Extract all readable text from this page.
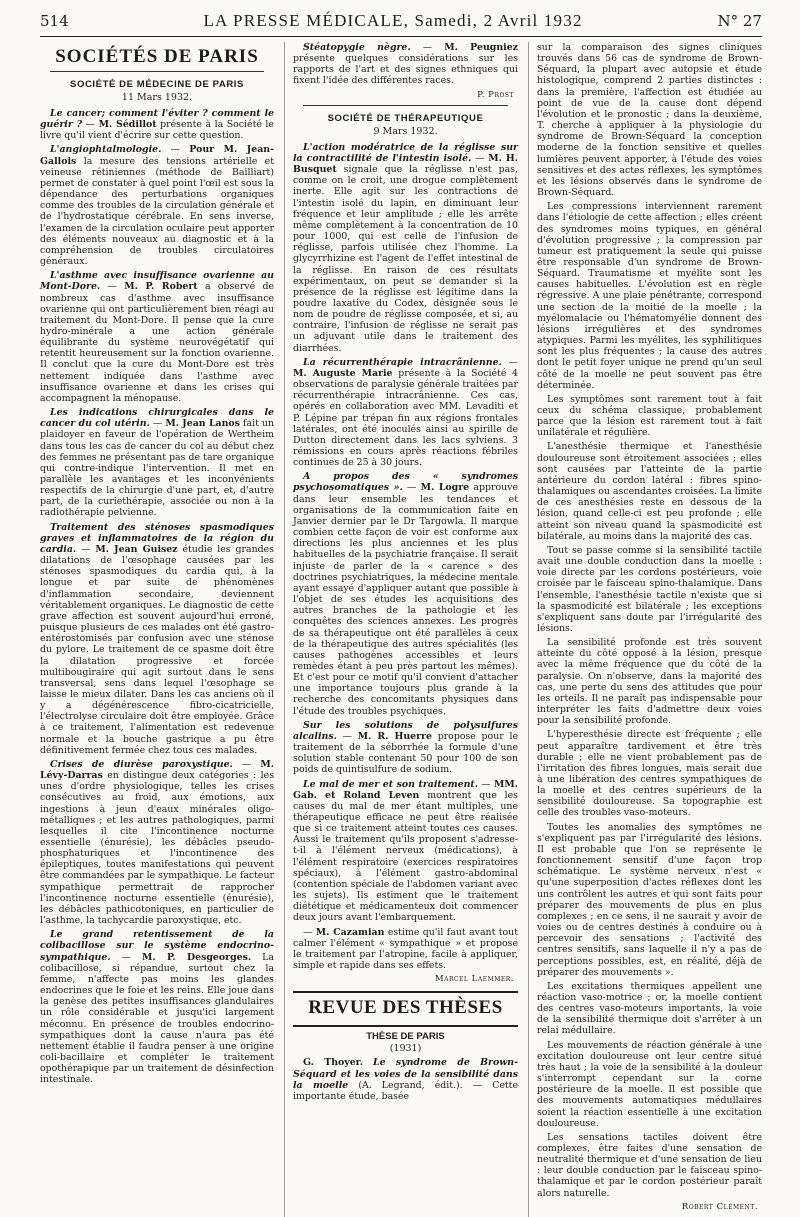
514	LA PRESSE MÉDICALE, Samedi, 2 Avril 1932	N° 27
SOCIÉTÉS DE PARIS
SOCIÉTÉ DE MÉDECINE DE PARIS
11 Mars 1932.

Le cancer; comment l'éviter ? comment le guérir ? — M. Sédillot présente à la Société le livre qu'il vient d'écrire sur cette question.

L'angiophtalmologie. — Pour M. Jean-Gallois la mesure des tensions artérielle et veineuse rétiniennes (méthode de Bailliart) permet de constater à quel point l'œil est sous la dépendance des perturbations organiques comme des troubles de la circulation générale et de l'hydrostatique cérébrale. En sens inverse, l'examen de la circulation oculaire peut apporter des éléments nouveaux au diagnostic et à la compréhension de troubles circulatoires généraux.

L'asthme avec insuffisance ovarienne au Mont-Dore. — M. P. Robert a observé de nombreux cas d'asthme avec insuffisance ovarienne qui ont particulièrement bien réagi au traitement du Mont-Dore. Il pense que la cure hydro-minérale a une action générale équilibrante du système neurovégétatif qui retentit heureusement sur la fonction ovarienne. Il conclut que la cure du Mont-Dore est très nettement indiquée dans l'asthme avec insuffisance ovarienne et dans les crises qui accompagnent la ménopause.

Les indications chirurgicales dans le cancer du col utérin. — M. Jean Lanos fait un plaidoyer en faveur de l'opération de Wertheim dans tous les cas de cancer du col au début chez des femmes ne présentant pas de tare organique qui contre-indique l'intervention. Il met en parallèle les avantages et les inconvénients respectifs de la chirurgie d'une part, et, d'autre part, de la curiethérapie, associée ou non à la radiothérapie pelvienne.

Traitement des sténoses spasmodiques graves et inflammatoires de la région du cardia. — M. Jean Guisez étudie les grandes dilatations de l'œsophage causées par les sténoses spasmodiques du cardia qui, à la longue et par suite de phénomènes d'inflammation secondaire, deviennent véritablement organiques. Le diagnostic de cette grave affection est souvent aujourd'hui erroné, puisque plusieurs de ces malades ont été gastro-entérostomisés par confusion avec une sténose du pylore. Le traitement de ce spasme doit être la dilatation progressive et forcée multibougiraire qui agit surtout dans le sens transversal, sens dans lequel l'œsophage se laisse le mieux dilater. Dans les cas anciens où il y a dégénérescence fibro-cicatricielle, l'électrolyse circulaire doit être employée. Grâce à ce traitement, l'alimentation est redevenue normale et la bouche gastrique a pu être définitivement fermée chez tous ces malades.

Crises de diurèse paroxystique. — M. Lévy-Darras en distingue deux catégories : les unes d'ordre physiologique, telles les crises consécutives au froid, aux émotions, aux ingestions à jeun d'eaux minérales oligo-métalliques ; et les autres pathologiques, parmi lesquelles il cite l'incontinence nocturne essentielle (énurésie), les débâcles pseudo-phosphaturiques et l'incontinence des épileptiques, toutes manifestations qui peuvent être commandées par le sympathique. Le facteur sympathique permettrait de rapprocher l'incontinence nocturne essentielle (énurésie), les débâcles pathicotoniques, en particulier de l'asthme, la tachycardie paroxystique, etc.

Le grand retentissement de la colibacillose sur le système endocrino-sympathique. — M. P. Desgeorges. La colibacillose, si répandue, surtout chez la femme, n'affecte pas moins les glandes endocrines que le foie et les reins. Elle joue dans la genèse des petites insuffisances glandulaires un rôle considérable et jusqu'ici largement méconnu. En présence de troubles endocrino-sympathiques dont la cause n'aura pas été nettement établie il faudra penser à une origine coli-bacillaire et compléter le traitement opothérapique par un traitement de désinfection intestinale.

Stéatopygie nègre. — M. Peugniez présente quelques considérations sur les rapports de l'art et des signes ethniques qui fixent l'idée des différentes races.

P. Prost

SOCIÉTÉ DE THÉRAPEUTIQUE
9 Mars 1932.

L'action modératrice de la réglisse sur la contractilité de l'intestin isolé. — M. H. Busquet signale que la réglisse n'est pas, comme on le croit, une drogue complètement inerte. Elle agit sur les contractions de l'intestin isolé du lapin, en diminuant leur fréquence et leur amplitude ; elle les arrête même complètement à la concentration de 10 pour 1000, qui est celle de l'infusion de réglisse, parfois utilisée chez l'homme. La glycyrrhizine est l'agent de l'effet intestinal de la réglisse. En raison de ces résultats expérimentaux, on peut se demander si la présence de la réglisse est légitime dans la poudre laxative du Codex, désignée sous le nom de poudre de réglisse composée, et si, au contraire, l'infusion de réglisse ne serait pas un adjuvant utile dans le traitement des diarrhées.

La récurrenthérapie intracrânienne. — M. Auguste Marie présente à la Société 4 observations de paralysie générale traitées par récurrenthérapie intracrânienne. Ces cas, opérés en collaboration avec MM. Levaditi et P. Lépine par trépan fin aux régions frontales latérales, ont été inoculés ainsi au spirille de Dutton directement dans les lacs sylviens. 3 rémissions en cours après réactions fébriles continues de 25 à 30 jours.

A propos des « syndromes psychosomatiques ». — M. Logre approuve dans leur ensemble les tendances et organisations de la communication faite en Janvier dernier par le Dr Targowla. Il marque combien cette façon de voir est conforme aux directions les plus anciennes et les plus habituelles de la psychiatrie française. Il serait injuste de parler de la « carence » des doctrines psychiatriques, la médecine mentale ayant essayé d'appliquer autant que possible à l'objet de ses études les acquisitions des autres branches de la pathologie et les conquêtes des sciences annexes. Les progrès de sa thérapeutique ont été parallèles à ceux de la thérapeutique des autres spécialités (les causes pathogènes accessibles et leurs remèdes étant à peu près partout les mêmes). Et c'est pour ce motif qu'il convient d'attacher une importance toujours plus grande à la recherche des concomitants physiques dans l'étude des troubles psychiques.

Sur les solutions de polysulfures alcalins. — M. R. Huerre propose pour le traitement de la séborrhée la formule d'une solution stable contenant 50 pour 100 de son poids de quintisulfure de sodium.

Le mal de mer et son traitement. — MM. Gab. et Roland Leven montrent que les causes du mal de mer étant multiples, une thérapeutique efficace ne peut être réalisée que si ce traitement atteint toutes ces causes. Aussi le traitement qu'ils proposent s'adresse-t-il à l'élément nerveux (médications), à l'élément respiratoire (exercices respiratoires spéciaux), à l'élément gastro-abdominal (contention spéciale de l'abdomen variant avec les sujets). Ils estiment que le traitement diététique et médicamenteux doit commencer deux jours avant l'embarquement.

— M. Cazamian estime qu'il faut avant tout calmer l'élément « sympathique » et propose le traitement par l'atropine, facile à appliquer, simple et rapide dans ses effets.

Marcel Laemmer.

REVUE DES THÈSES
THÈSE DE PARIS
(1931)

G. Thoyer. Le syndrome de Brown-Séquard et les voies de la sensibilité dans la moelle (A. Legrand, édit.). — Cette importante étude, basée

sur la comparaison des signes cliniques trouvés dans 56 cas de syndrome de Brown-Séquard, la plupart avec autopsie et étude histologique, comprend 2 parties distinctes : dans la première, l'affection est étudiée au point de vue de la cause dont dépend l'évolution et le pronostic ; dans la deuxième, T. cherche à appliquer à la physiologie du syndrome de Brown-Séquard la conception moderne de la fonction sensitive et quelles lumières peuvent apporter, à l'étude des voies sensitives et des actes réflexes, les symptômes et les lésions observés dans le syndrome de Brown-Séquard.

Les compressions interviennent rarement dans l'étiologie de cette affection ; elles créent des syndromes moins typiques, en général d'évolution progressive ; la compression par tumeur est pratiquement la seule qui puisse être responsable d'un syndrome de Brown-Séquard. Traumatisme et myélite sont les causes habituelles. L'évolution est en règle régressive. A une plaie pénétrante, correspond une section de la moitié de la moelle ; la myélomalacie ou l'hématomyélie donnent des lésions irrégulières et des syndromes atypiques. Parmi les myélites, les syphilitiques sont les plus fréquentes ; la cause des autres dont le petit foyer unique ne prend qu'un seul côté de la moelle ne peut souvent pas être déterminée.

Les symptômes sont rarement tout à fait ceux du schéma classique, probablement parce que la lésion est rarement tout à fait unilatérale et régulière.

L'anesthésie thermique et l'anesthésie douloureuse sont étroitement associées ; elles sont causées par l'atteinte de la partie antérieure du cordon latéral : fibres spino-thalamiques ou ascendantes croisées. La limite de ces anesthésies reste en dessous de la lésion, quand celle-ci est peu profonde ; elle atteint son niveau quand la spasmodicité est bilatérale, au moins dans la majorité des cas.

Tout se passe comme si la sensibilité tactile avait une double conduction dans la moelle : voie directe par les cordons postérieurs, voie croisée par le faisceau spino-thalamique. Dans l'ensemble, l'anesthésie tactile n'existe que si la spasmodicité est bilatérale ; les exceptions s'expliquent sans doute par l'irrégularité des lésions.

La sensibilité profonde est très souvent atteinte du côté opposé à la lésion, presque avec la même fréquence que du côté de la paralysie. On n'observe, dans la majorité des cas, une perte du sens des attitudes que pour les orteils. Il ne paraît pas indispensable pour interpréter les faits d'admettre deux voies pour la sensibilité profonde.

L'hyperesthésie directe est fréquente ; elle peut apparaître tardivement et être très durable ; elle ne vient probablement pas de l'irritation des fibres longues, mais serait due à une libération des centres sympathiques de la moelle et des centres supérieurs de la sensibilité douloureuse. Sa topographie est celle des troubles vaso-moteurs.

Toutes les anomalies des symptômes ne s'expliquent pas par l'irrégularité des lésions. Il est probable que l'on se représente le fonctionnement sensitif d'une façon trop schématique. Le système nerveux n'est « qu'une superposition d'actes réflexes dont les uns contrôlent les autres et qui sont faits pour préparer des mouvements de plus en plus complexes ; en ce sens, il ne saurait y avoir de voies ou de centres destinés à conduire ou à percevoir des sensations ; l'activité des centres sensitifs, sans laquelle il n'y a pas de perceptions possibles, est, en réalité, déjà de préparer des mouvements ».

Les excitations thermiques appellent une réaction vaso-motrice ; or, la moelle contient des centres vaso-moteurs importants, la voie de la sensibilité thermique doit s'arrêter à un relai médullaire.

Les mouvements de réaction générale à une excitation douloureuse ont leur centre situé très haut ; la voie de la sensibilité à la douleur s'interrompt cependant sur la corne postérieure de la moelle. Il est possible que des mouvements automatiques médullaires soient la réaction essentielle à une excitation douloureuse.

Les sensations tactiles doivent être complexes, être faites d'une sensation de neutralité thermique et d'une sensation de lieu : leur double conduction par le faisceau spino-thalamique et par le cordon postérieur paraît alors naturelle.

Robert Clément.
